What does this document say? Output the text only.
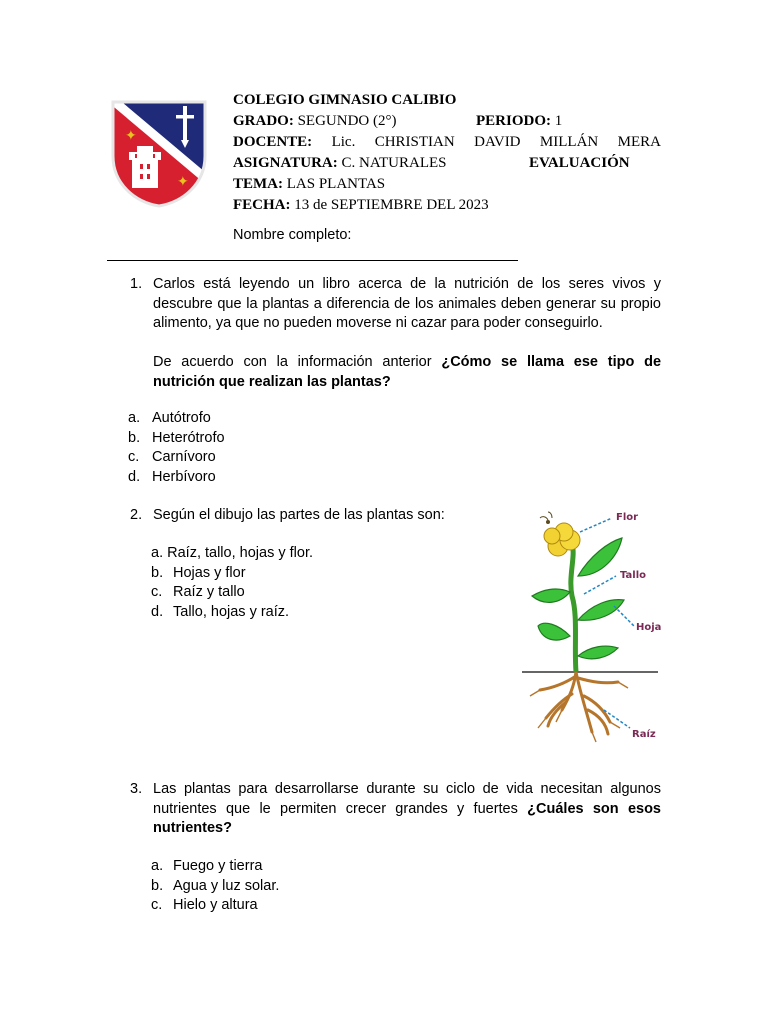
✦
✦
COLEGIO GIMNASIO CALIBIO
GRADO: SEGUNDO (2°)	PERIODO: 1
DOCENTE: Lic. CHRISTIAN DAVID MILLÁN MERA
ASIGNATURA: C. NATURALES	EVALUACIÓN
TEMA: LAS PLANTAS
FECHA: 13 de SEPTIEMBRE DEL 2023
Nombre completo:
1. Carlos está leyendo un libro acerca de la nutrición de los seres vivos y descubre que la plantas a diferencia de los animales deben generar su propio alimento, ya que no pueden moverse ni cazar para poder conseguirlo.
De acuerdo con la información anterior ¿Cómo se llama ese tipo de nutrición que realizan las plantas?
a. Autótrofo
b. Heterótrofo
c. Carnívoro
d. Herbívoro
2. Según el dibujo las partes de las plantas son:
a. Raíz, tallo, hojas y flor.
b. Hojas y flor
c. Raíz y tallo
d. Tallo, hojas y raíz.
Flor
Tallo
Hoja
Raíz
3. Las plantas para desarrollarse durante su ciclo de vida necesitan algunos nutrientes que le permiten crecer grandes y fuertes ¿Cuáles son esos nutrientes?
a. Fuego y tierra
b. Agua y luz solar.
c. Hielo y altura
